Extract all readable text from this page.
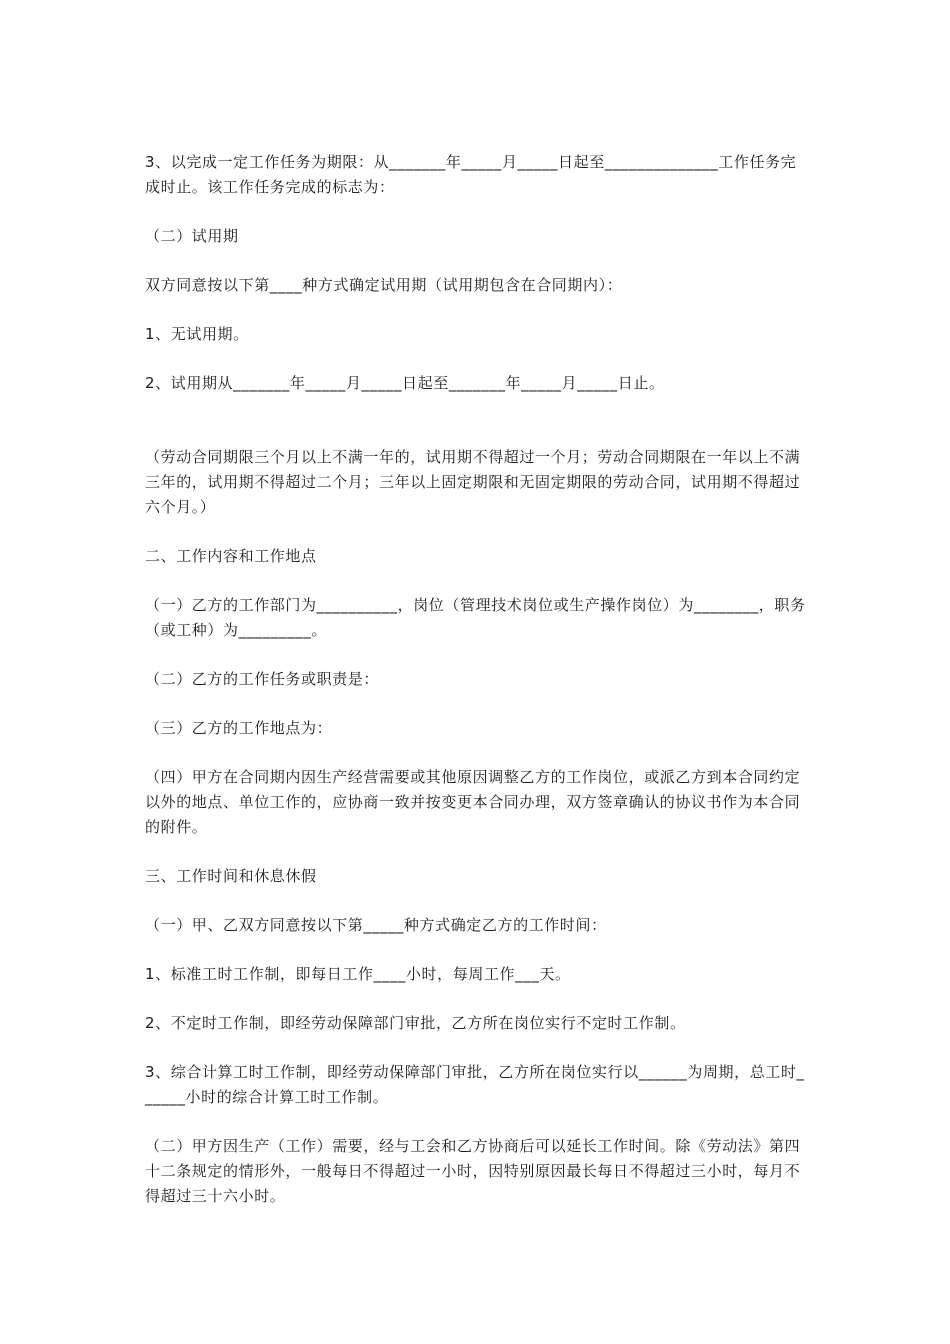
3、以完成一定工作任务为期限：从_______年_____月_____日起至______________工作任务完成时止。该工作任务完成的标志为：

（二）试用期

双方同意按以下第____种方式确定试用期（试用期包含在合同期内）：

1、无试用期。

2、试用期从_______年_____月_____日起至_______年_____月_____日止。

（劳动合同期限三个月以上不满一年的，试用期不得超过一个月；劳动合同期限在一年以上不满三年的，试用期不得超过二个月；三年以上固定期限和无固定期限的劳动合同，试用期不得超过六个月。）

二、工作内容和工作地点

（一）乙方的工作部门为__________，岗位（管理技术岗位或生产操作岗位）为________，职务（或工种）为_________。

（二）乙方的工作任务或职责是：

（三）乙方的工作地点为：

（四）甲方在合同期内因生产经营需要或其他原因调整乙方的工作岗位，或派乙方到本合同约定以外的地点、单位工作的，应协商一致并按变更本合同办理，双方签章确认的协议书作为本合同的附件。

三、工作时间和休息休假

（一）甲、乙双方同意按以下第_____种方式确定乙方的工作时间：

1、标准工时工作制，即每日工作____小时，每周工作___天。

2、不定时工作制，即经劳动保障部门审批，乙方所在岗位实行不定时工作制。

3、综合计算工时工作制，即经劳动保障部门审批，乙方所在岗位实行以______为周期，总工时______小时的综合计算工时工作制。

（二）甲方因生产（工作）需要，经与工会和乙方协商后可以延长工作时间。除《劳动法》第四十二条规定的情形外，一般每日不得超过一小时，因特别原因最长每日不得超过三小时，每月不得超过三十六小时。
